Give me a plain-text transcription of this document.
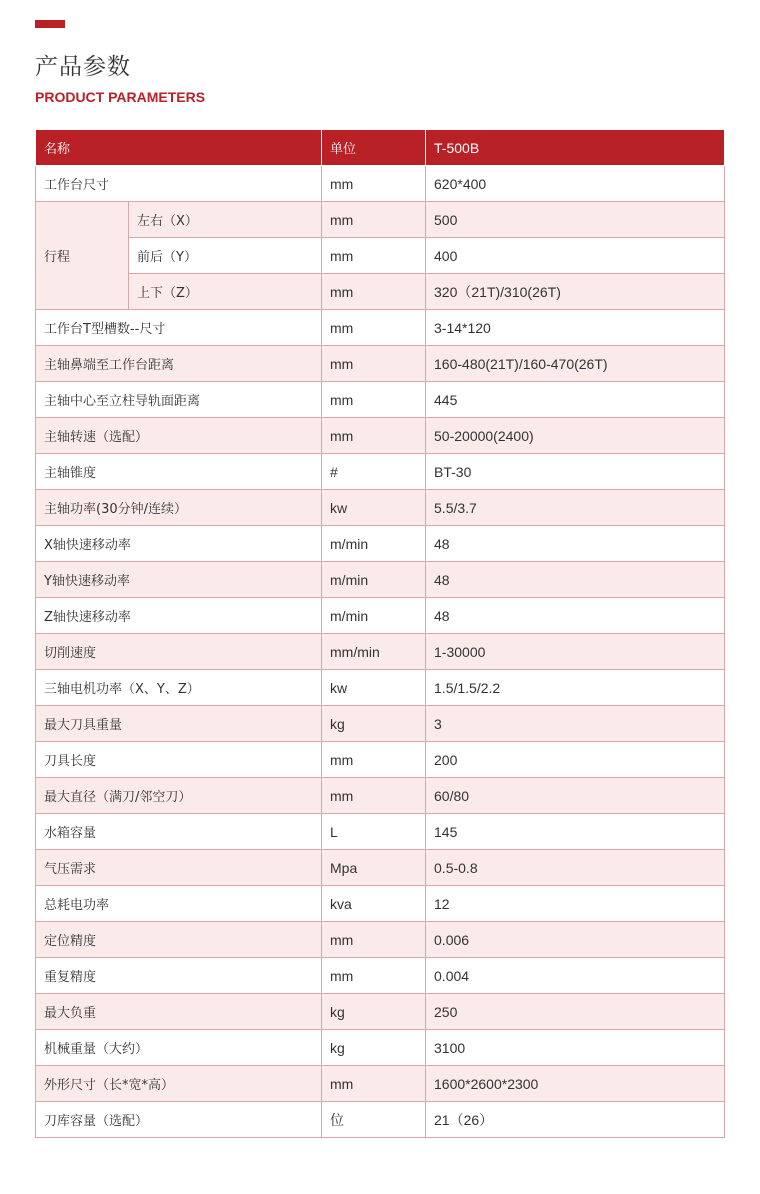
产品参数
PRODUCT PARAMETERS
名称		单位	T-500B
工作台尺寸		mm	620*400
行程	左右（X）	mm	500
	前后（Y）	mm	400
	上下（Z）	mm	320（21T)/310(26T)
工作台T型槽数--尺寸		mm	3-14*120
主轴鼻端至工作台距离		mm	160-480(21T)/160-470(26T)
主轴中心至立柱导轨面距离		mm	445
主轴转速（选配）		mm	50-20000(2400)
主轴锥度		#	BT-30
主轴功率(30分钟/连续）		kw	5.5/3.7
X轴快速移动率		m/min	48
Y轴快速移动率		m/min	48
Z轴快速移动率		m/min	48
切削速度		mm/min	1-30000
三轴电机功率（X、Y、Z）		kw	1.5/1.5/2.2
最大刀具重量		kg	3
刀具长度		mm	200
最大直径（满刀/邻空刀）		mm	60/80
水箱容量		L	145
气压需求		Mpa	0.5-0.8
总耗电功率		kva	12
定位精度		mm	0.006
重复精度		mm	0.004
最大负重		kg	250
机械重量（大约）		kg	3100
外形尺寸（长*宽*高）		mm	1600*2600*2300
刀库容量（选配）		位	21（26）
